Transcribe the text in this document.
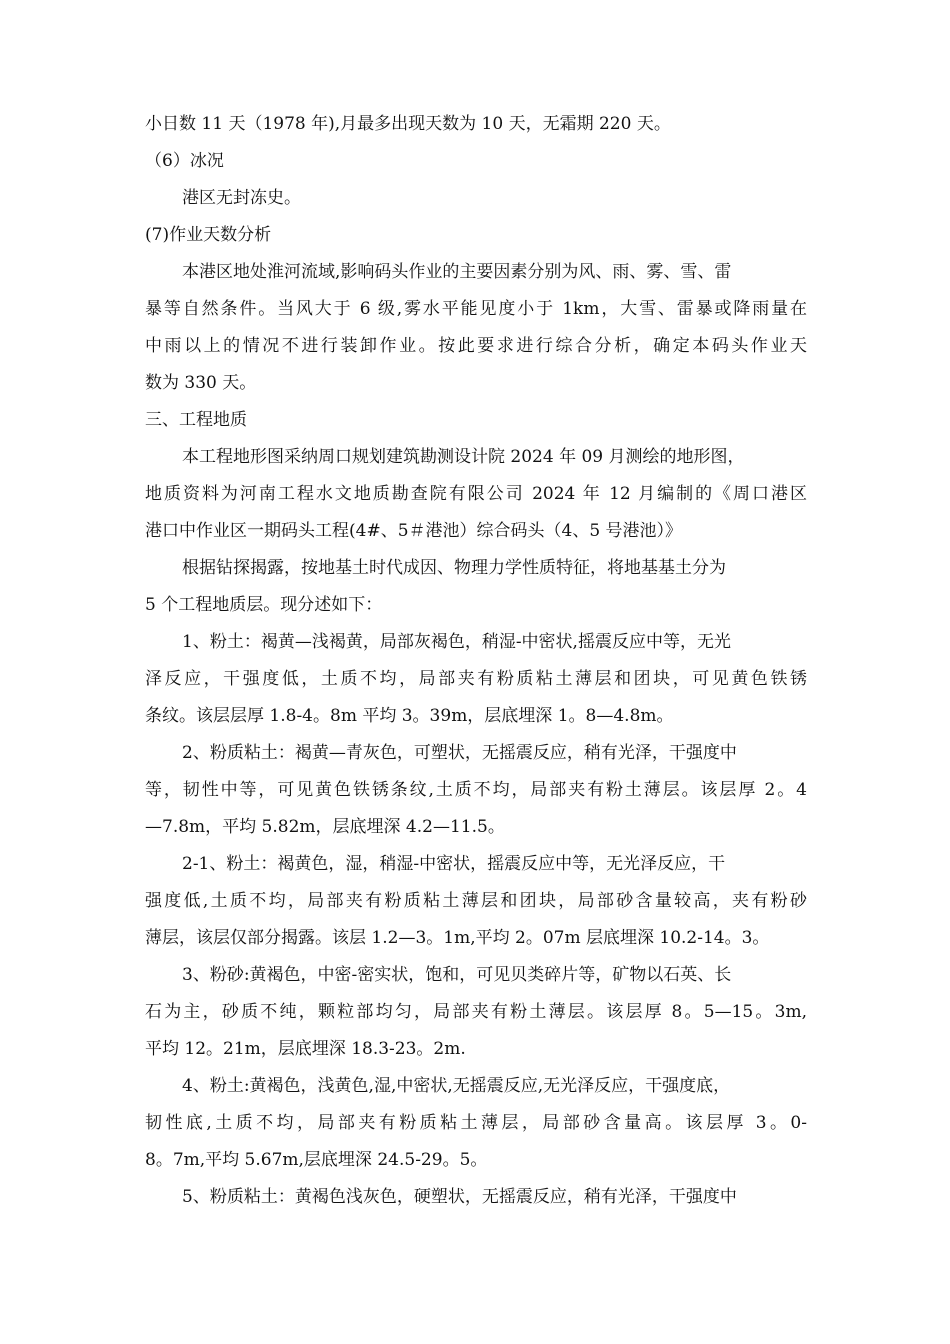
小日数 11 天（1978 年),月最多出现天数为 10 天，无霜期 220 天。
（6）冰况
港区无封冻史。
(7)作业天数分析
本港区地处淮河流域,影响码头作业的主要因素分别为风、雨、雾、雪、雷
暴等自然条件。当风大于 6 级,雾水平能见度小于 1km，大雪、雷暴或降雨量在
中雨以上的情况不进行装卸作业。按此要求进行综合分析，确定本码头作业天
数为 330 天。
三、工程地质
本工程地形图采纳周口规划建筑勘测设计院 2024 年 09 月测绘的地形图，
地质资料为河南工程水文地质勘查院有限公司 2024 年 12 月编制的《周口港区
港口中作业区一期码头工程(4#、5＃港池）综合码头（4、5 号港池）》
根据钻探揭露，按地基土时代成因、物理力学性质特征，将地基基土分为
5 个工程地质层。现分述如下：
1、粉土：褐黄—浅褐黄，局部灰褐色，稍湿-中密状,摇震反应中等，无光
泽反应，干强度低，土质不均，局部夹有粉质粘土薄层和团块，可见黄色铁锈
条纹。该层层厚 1.8-4。8m 平均 3。39m，层底埋深 1。8—4.8m。
2、粉质粘土：褐黄—青灰色，可塑状，无摇震反应，稍有光泽，干强度中
等，韧性中等，可见黄色铁锈条纹,土质不均，局部夹有粉土薄层。该层厚 2。4
—7.8m，平均 5.82m，层底埋深 4.2—11.5。
2-1、粉土：褐黄色，湿，稍湿-中密状，摇震反应中等，无光泽反应，干
强度低,土质不均，局部夹有粉质粘土薄层和团块，局部砂含量较高，夹有粉砂
薄层，该层仅部分揭露。该层 1.2—3。1m,平均 2。07m 层底埋深 10.2-14。3。
3、粉砂:黄褐色，中密-密实状，饱和，可见贝类碎片等，矿物以石英、长
石为主，砂质不纯，颗粒部均匀，局部夹有粉土薄层。该层厚 8。5—15。3m,
平均 12。21m，层底埋深 18.3-23。2m.
4、粉土:黄褐色，浅黄色,湿,中密状,无摇震反应,无光泽反应，干强度底，
韧性底,土质不均，局部夹有粉质粘土薄层，局部砂含量高。该层厚 3。0-
8。7m,平均 5.67m,层底埋深 24.5-29。5。
5、粉质粘土：黄褐色浅灰色，硬塑状，无摇震反应，稍有光泽，干强度中
